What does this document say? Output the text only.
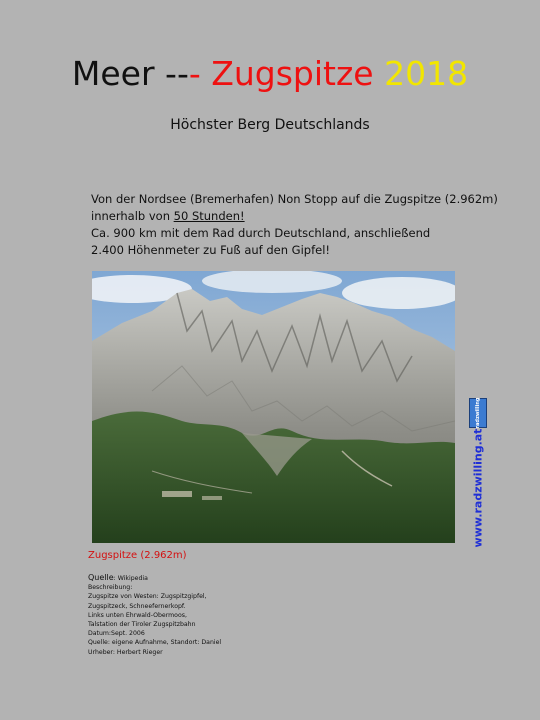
Meer --- Zugspitze 2018
Höchster Berg Deutschlands
Von der Nordsee (Bremerhafen) Non Stopp auf die Zugspitze (2.962m)
innerhalb von 50 Stunden!
Ca. 900 km mit dem Rad durch Deutschland, anschließend
2.400 Höhenmeter zu Fuß auf den Gipfel!
Zugspitze (2.962m)
Quelle: Wikipedia
Beschreibung:
Zugspitze von Westen: Zugspitzgipfel,
Zugspitzeck, Schneefernerkopf.
Links unten Ehrwald-Obermoos,
Talstation der Tiroler Zugspitzbahn
Datum:Sept. 2006
Quelle: eigene Aufnahme, Standort: Daniel
Urheber: Herbert Rieger
radzwilling
www.radzwilling.at
